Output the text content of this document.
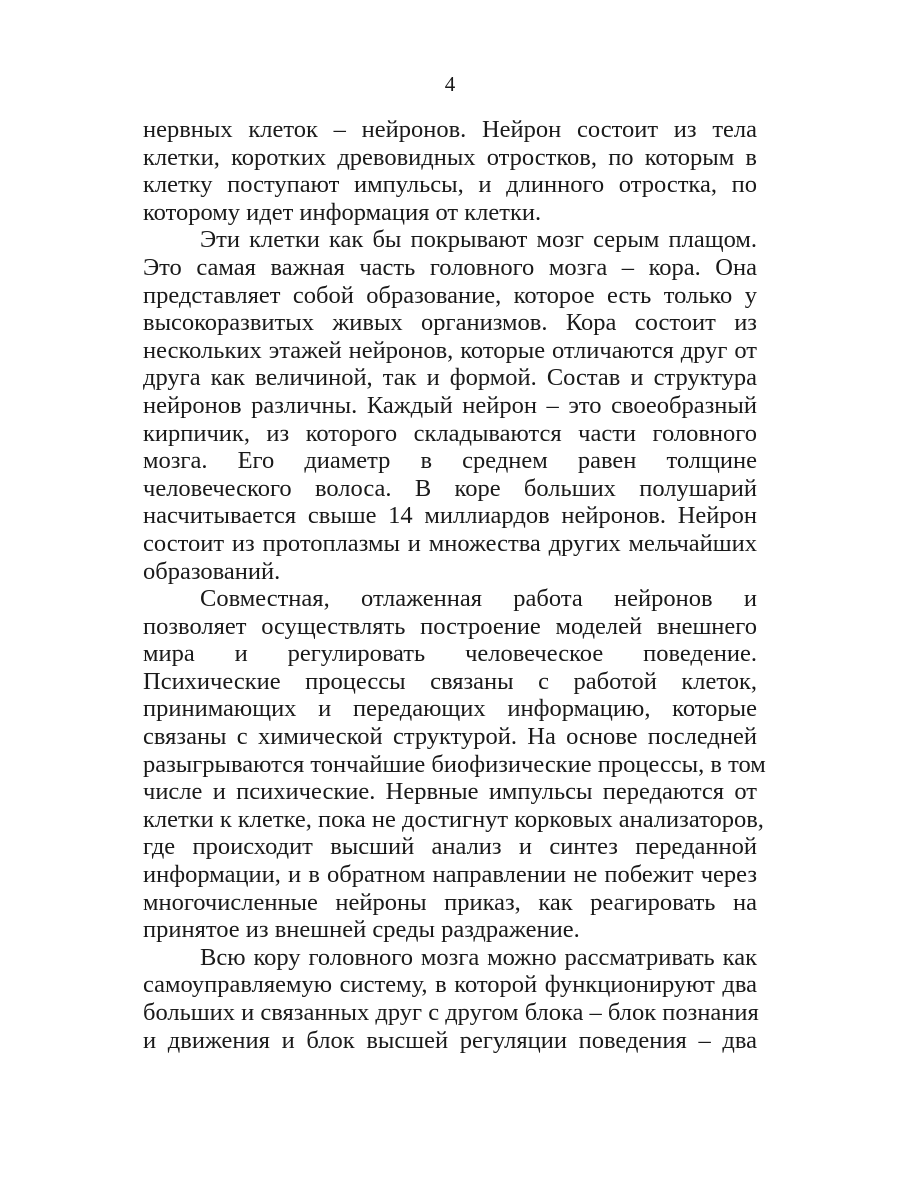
4
нервных клеток – нейронов. Нейрон состоит из тела
клетки, коротких древовидных отростков, по которым в
клетку поступают импульсы, и длинного отростка, по
которому идет информация от клетки.
Эти клетки как бы покрывают мозг серым плащом.
Это самая важная часть головного мозга – кора. Она
представляет собой образование, которое есть только у
высокоразвитых живых организмов. Кора состоит из
нескольких этажей нейронов, которые отличаются друг от
друга как величиной, так и формой. Состав и структура
нейронов различны. Каждый нейрон – это своеобразный
кирпичик, из которого складываются части головного
мозга. Его диаметр в среднем равен толщине
человеческого волоса. В коре больших полушарий
насчитывается свыше 14 миллиардов нейронов. Нейрон
состоит из протоплазмы и множества других мельчайших
образований.
Совместная, отлаженная работа нейронов и
позволяет осуществлять построение моделей внешнего
мира и регулировать человеческое поведение.
Психические процессы связаны с работой клеток,
принимающих и передающих информацию, которые
связаны с химической структурой. На основе последней
разыгрываются тончайшие биофизические процессы, в том
числе и психические. Нервные импульсы передаются от
клетки к клетке, пока не достигнут корковых анализаторов,
где происходит высший анализ и синтез переданной
информации, и в обратном направлении не побежит через
многочисленные нейроны приказ, как реагировать на
принятое из внешней среды раздражение.
Всю кору головного мозга можно рассматривать как
самоуправляемую систему, в которой функционируют два
больших и связанных друг с другом блока – блок познания
и движения и блок высшей регуляции поведения – два
